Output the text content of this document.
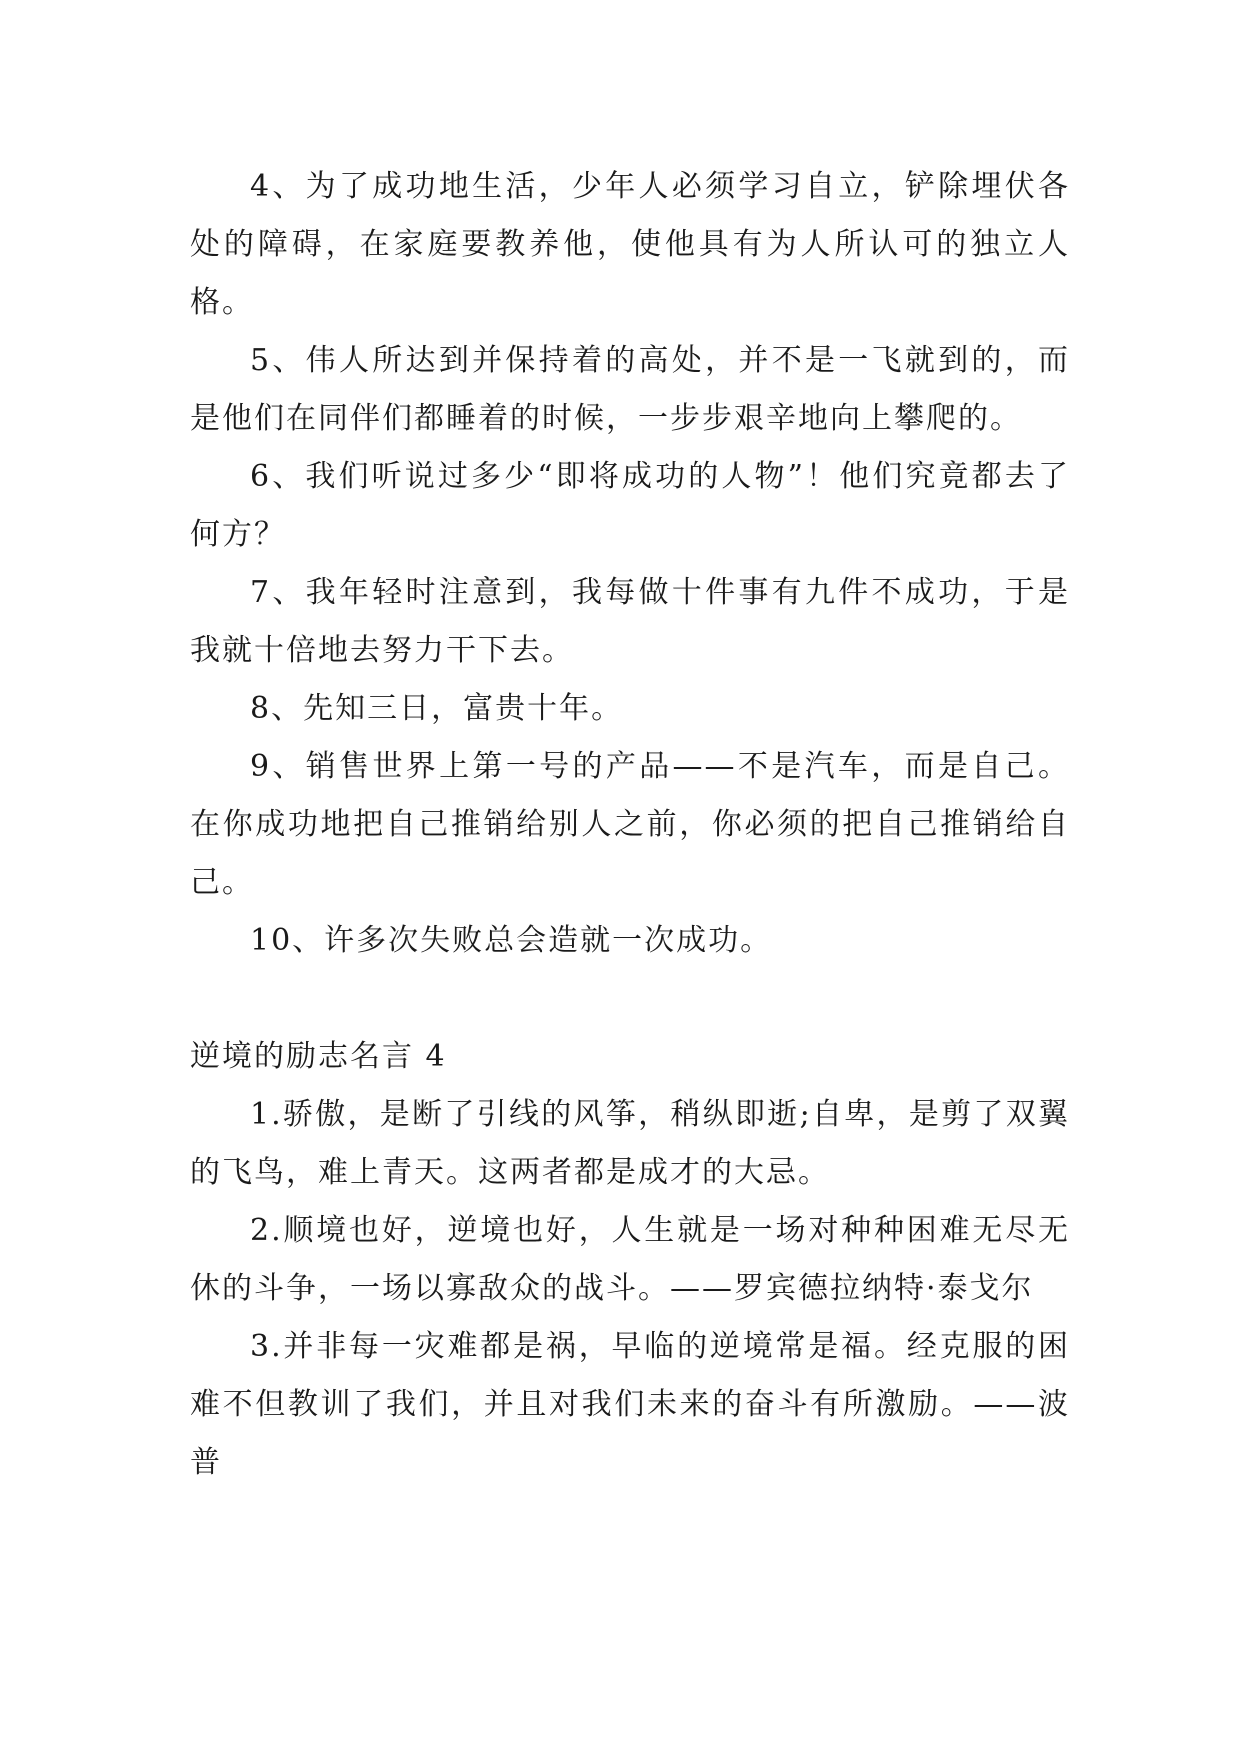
4、为了成功地生活，少年人必须学习自立，铲除埋伏各处的障碍，在家庭要教养他，使他具有为人所认可的独立人格。

5、伟人所达到并保持着的高处，并不是一飞就到的，而是他们在同伴们都睡着的时候，一步步艰辛地向上攀爬的。

6、我们听说过多少“即将成功的人物”！他们究竟都去了何方？

7、我年轻时注意到，我每做十件事有九件不成功，于是我就十倍地去努力干下去。

8、先知三日，富贵十年。

9、销售世界上第一号的产品——不是汽车，而是自己。在你成功地把自己推销给别人之前，你必须的把自己推销给自己。

10、许多次失败总会造就一次成功。

逆境的励志名言 4

1.骄傲，是断了引线的风筝，稍纵即逝;自卑，是剪了双翼的飞鸟，难上青天。这两者都是成才的大忌。

2.顺境也好，逆境也好，人生就是一场对种种困难无尽无休的斗争，一场以寡敌众的战斗。——罗宾德拉纳特·泰戈尔

3.并非每一灾难都是祸，早临的逆境常是福。经克服的困难不但教训了我们，并且对我们未来的奋斗有所激励。——波普
